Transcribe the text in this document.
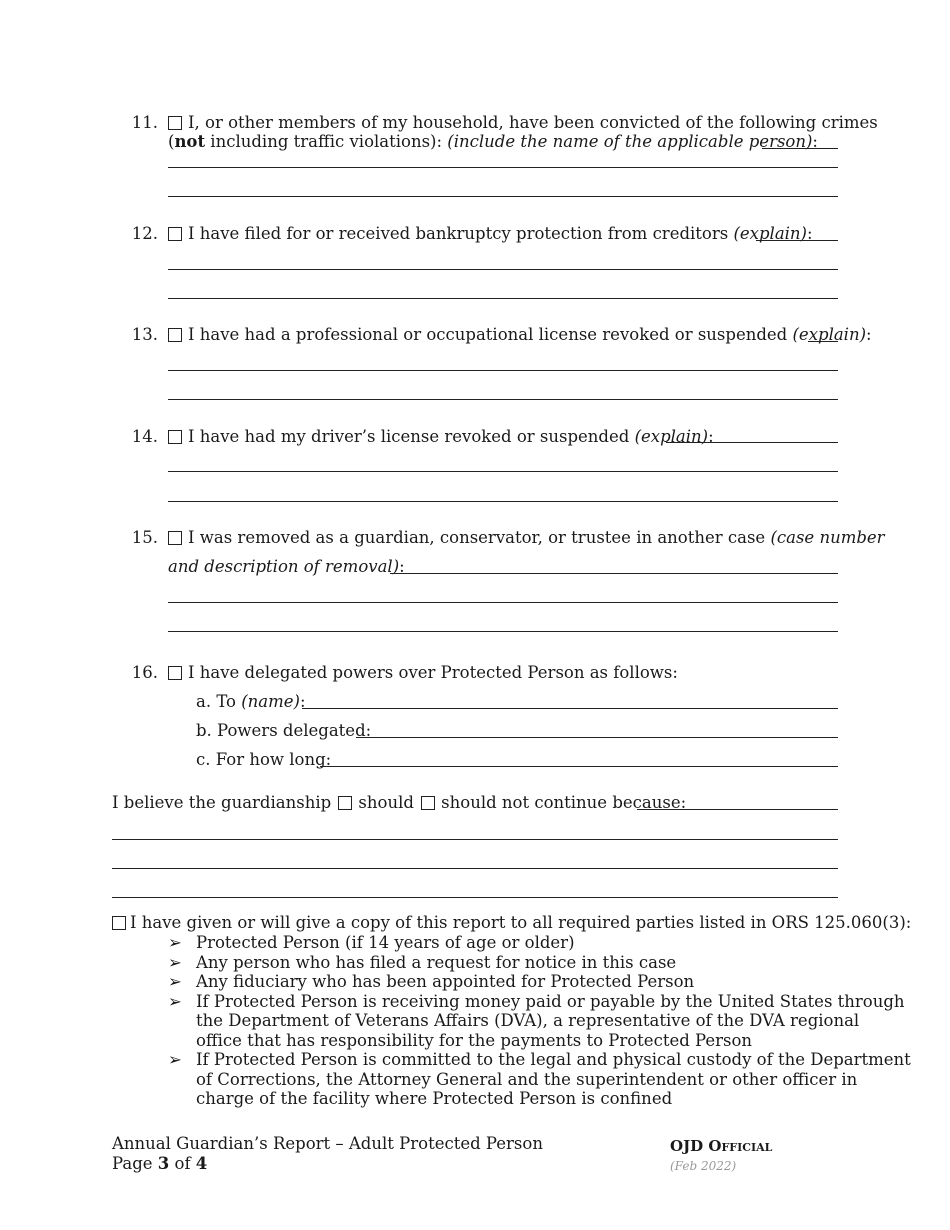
11.	I, or other members of my household, have been convicted of the following crimes
(not including traffic violations): (include the name of the applicable person):
12.	I have filed for or received bankruptcy protection from creditors (explain):
13.	I have had a professional or occupational license revoked or suspended (explain):
14.	I have had my driver’s license revoked or suspended (explain):
15.	I was removed as a guardian, conservator, or trustee in another case (case number
and description of removal):
16.	I have delegated powers over Protected Person as follows:
a. To (name):
b. Powers delegated:
c. For how long:
I believe the guardianship should should not continue because:
I have given or will give a copy of this report to all required parties listed in ORS 125.060(3):
➢ Protected Person (if 14 years of age or older)
➢ Any person who has filed a request for notice in this case
➢ Any fiduciary who has been appointed for Protected Person
➢ If Protected Person is receiving money paid or payable by the United States through
the Department of Veterans Affairs (DVA), a representative of the DVA regional
office that has responsibility for the payments to Protected Person
➢ If Protected Person is committed to the legal and physical custody of the Department
of Corrections, the Attorney General and the superintendent or other officer in
charge of the facility where Protected Person is confined
Annual Guardian’s Report – Adult Protected Person
Page 3 of 4
OJD Official
(Feb 2022)
